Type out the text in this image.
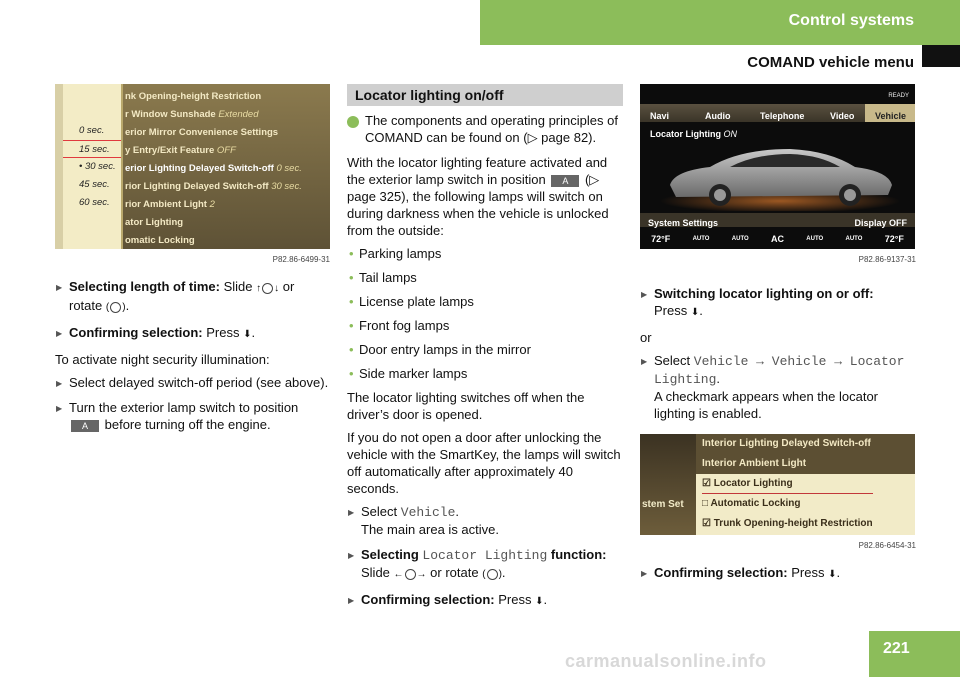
Control systems
COMAND vehicle menu
nk Opening-height Restriction
r Window Sunshade Extended
erior Mirror Convenience Settings
y Entry/Exit Feature OFF
erior Lighting Delayed Switch-off 0 sec.
rior Lighting Delayed Switch-off 30 sec.
rior Ambient Light 2
ator Lighting
omatic Locking
0 sec.
15 sec.
• 30 sec.
45 sec.
60 sec.
P82.86-6499-31
▶ Selecting length of time: Slide ↑ ↓ or rotate ( ).
▶ Confirming selection: Press ⬇.

To activate night security illumination:

▶ Select delayed switch-off period (see above).
▶ Turn the exterior lamp switch to position A before turning off the engine.
Locator lighting on/off
i The components and operating principles of COMAND can be found on (▷ page 82).

With the locator lighting feature activated and the exterior lamp switch in position A (▷ page 325), the following lamps will switch on during darkness when the vehicle is unlocked from the outside:

• Parking lamps
• Tail lamps
• License plate lamps
• Front fog lamps
• Door entry lamps in the mirror
• Side marker lamps

The locator lighting switches off when the driver’s door is opened.

If you do not open a door after unlocking the vehicle with the SmartKey, the lamps will switch off automatically after approximately 40 seconds.

▶ Select Vehicle.
The main area is active.
▶ Selecting Locator Lighting function:
Slide ← → or rotate ( ).
▶ Confirming selection: Press ⬇.
READY
Navi	Audio	Telephone	Video	Vehicle
Locator Lighting ON
System Settings	Display OFF
72°F	AUTO	AUTO AC	AUTO	AUTO 72°F
P82.86-9137-31
▶ Switching locator lighting on or off:
Press ⬇.

or

▶ Select Vehicle → Vehicle → Locator Lighting.
A checkmark appears when the locator lighting is enabled.
stem Set
Interior Lighting Delayed Switch-off
Interior Ambient Light
☑ Locator Lighting
□ Automatic Locking
☑ Trunk Opening-height Restriction
P82.86-6454-31
▶ Confirming selection: Press ⬇.
carmanualsonline.info
221
